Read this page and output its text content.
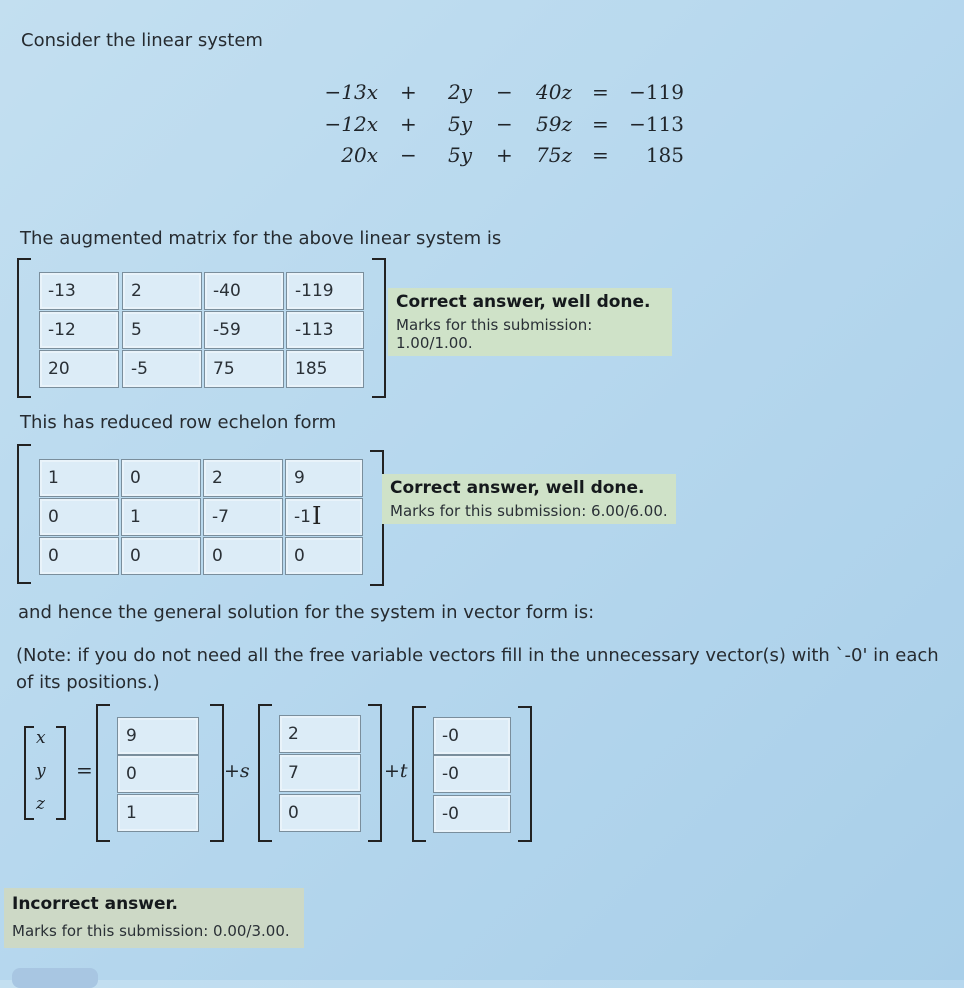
Consider the linear system
−13x +	2y −	40z =	−119
−12x +	5y −	59z =	−113
20x −	5y +	75z =	185
The augmented matrix for the above linear system is
-13	2	-40	-119
-12	5	-59	-113
20	-5	75	185
Correct answer, well done.
Marks for this submission: 1.00/1.00.
This has reduced row echelon form
1	0	2	9
0	1	-7	-1 I
0	0	0	0
Correct answer, well done.
Marks for this submission: 6.00/6.00.
and hence the general solution for the system in vector form is:
(Note: if you do not need all the free variable vectors fill in the unnecessary vector(s) with `-0' in each of its positions.)
x
y
z
=
9
0
1
+s
2
7
0
+t
-0
-0
-0
Incorrect answer.
Marks for this submission: 0.00/3.00.
